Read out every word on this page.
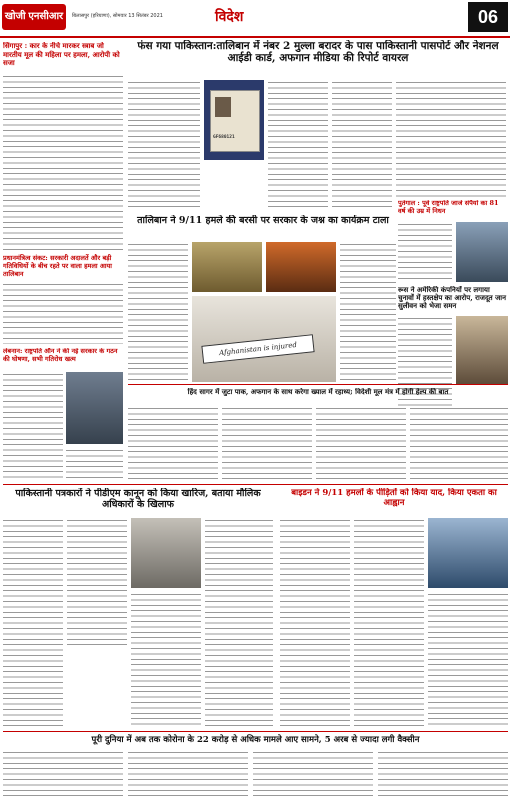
खोजी एनसीआर	बिलासपुर (हरियाणा), सोमवार 13 सितंबर 2021	विदेश	06
सिंगापुर : कार के नीचे मारकर स्त्राब जो मारतीय मूल की महिला पर हमला, आरोपी को सजा
फंस गया पाकिस्तान:तालिबान में नंबर 2 मुल्ला बरादर के पास पाकिस्तानी पासपोर्ट और नेशनल आईडी कार्ड, अफगान मीडिया की रिपोर्ट वायरल
GF680121
तालिबान ने 9/11 हमले की बरसी पर सरकार के जश्न का कार्यक्रम टाला
Afghanistan is injured
प्रधानमंत्रित्व संकट: सरकारी अदालतें और बड़ी गतिविधियों के बीच रहते पर वाला हमला आया तालिबान
लेबनान: राष्ट्रपति औन ने की नई सरकार के गठन की घोषणा, सभी गतिरोध खत्म
पुर्तगाल : पूर्व राष्ट्रपति जार्ज संपैयो का 81 वर्ष की उम्र में निधन
रूस ने अमेरिकी कंपनियों पर लगाया चुनावों में हस्तक्षेप का आरोप, राजदूत जान सुलीवन को भेजा समन
हिंद सागर में जुटा पाक, अफगान के साथ करेगा ख्याल में रहाध्य; विदेशी मूल मंत्र में होगी हेल्प की बात
पाकिस्तानी पत्रकारों ने पीडीएम कानून को किया खारिज, बताया मौलिक अधिकारों के खिलाफ
बाइडन ने 9/11 हमलों के पीड़ितों को किया याद, किया एकता का आह्वान
पूरी दुनिया में अब तक कोरोना के 22 करोड़ से अधिक मामले आए सामने, 5 अरब से ज्यादा लगी वैक्सीन
